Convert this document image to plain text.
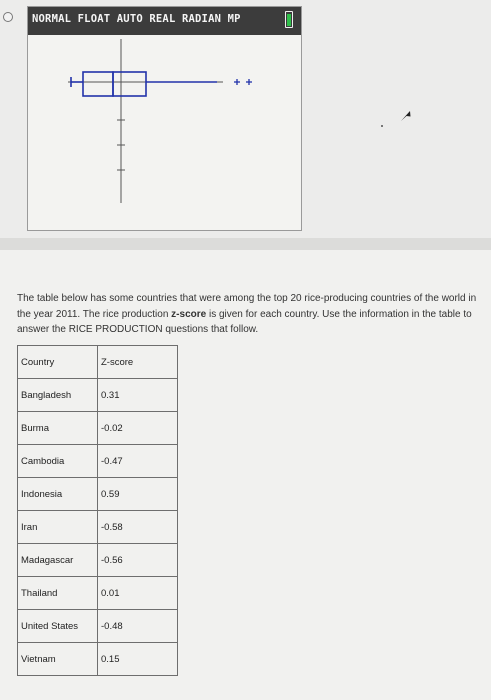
NORMAL FLOAT AUTO REAL RADIAN MP

The table below has some countries that were among the top 20 rice-producing countries of the world in the year 2011. The rice production z-score is given for each country. Use the information in the table to answer the RICE PRODUCTION questions that follow.

Country	Z-score
Bangladesh	0.31
Burma	-0.02
Cambodia	-0.47
Indonesia	0.59
Iran	-0.58
Madagascar	-0.56
Thailand	0.01
United States	-0.48
Vietnam	0.15
